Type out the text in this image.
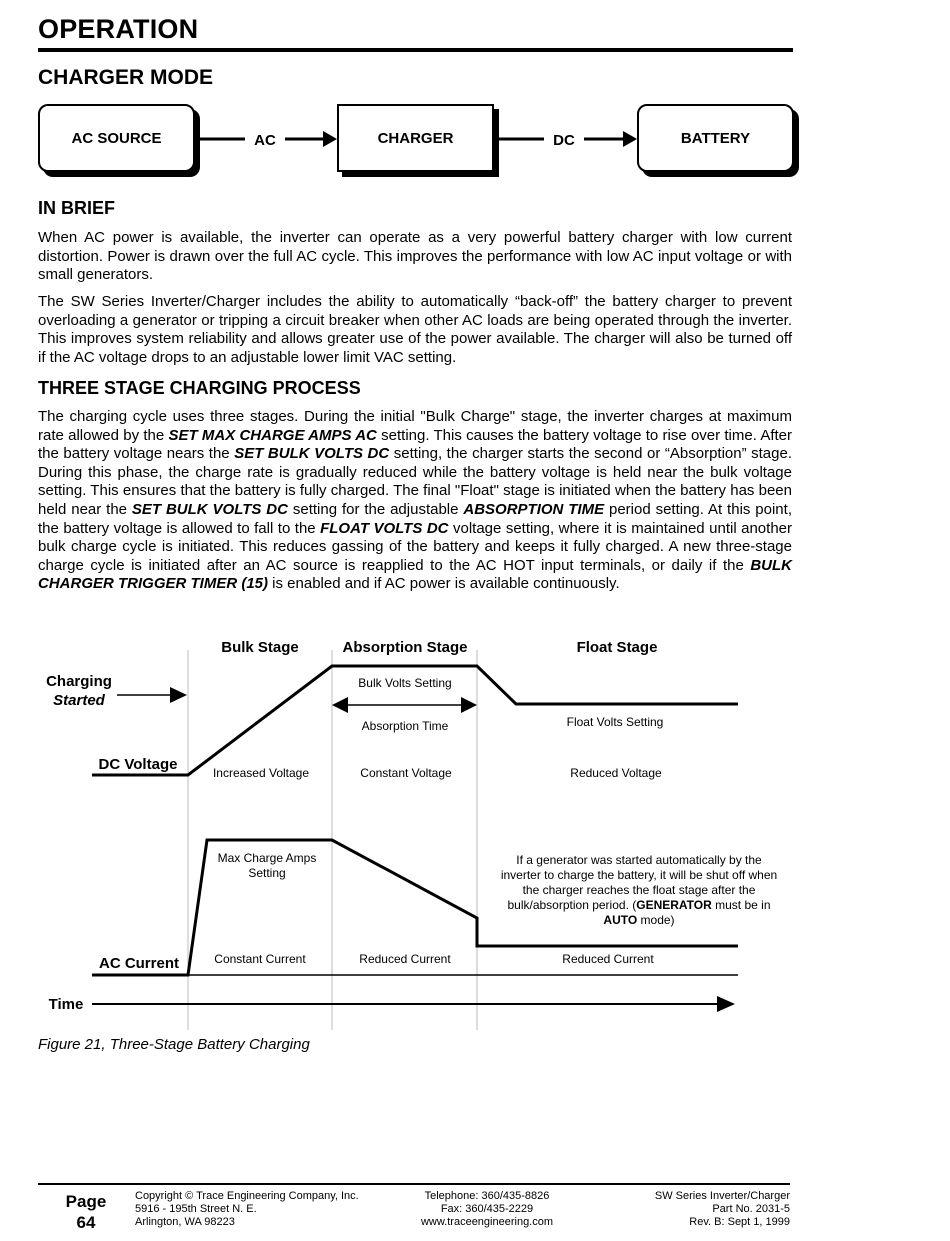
OPERATION
CHARGER MODE
AC SOURCE	CHARGER	BATTERY
AC	DC
IN BRIEF

When AC power is available, the inverter can operate as a very powerful battery charger with low current distortion. Power is drawn over the full AC cycle. This improves the performance with low AC input voltage or with small generators.

The SW Series Inverter/Charger includes the ability to automatically “back-off” the battery charger to prevent overloading a generator or tripping a circuit breaker when other AC loads are being operated through the inverter. This improves system reliability and allows greater use of the power available. The charger will also be turned off if the AC voltage drops to an adjustable lower limit VAC setting.

THREE STAGE CHARGING PROCESS

The charging cycle uses three stages. During the initial "Bulk Charge" stage, the inverter charges at maximum rate allowed by the SET MAX CHARGE AMPS AC setting. This causes the battery voltage to rise over time. After the battery voltage nears the SET BULK VOLTS DC setting, the charger starts the second or “Absorption” stage. During this phase, the charge rate is gradually reduced while the battery voltage is held near the bulk voltage setting. This ensures that the battery is fully charged. The final "Float" stage is initiated when the battery has been held near the SET BULK VOLTS DC setting for the adjustable ABSORPTION TIME period setting. At this point, the battery voltage is allowed to fall to the FLOAT VOLTS DC voltage setting, where it is maintained until another bulk charge cycle is initiated. This reduces gassing of the battery and keeps it fully charged. A new three-stage charge cycle is initiated after an AC source is reapplied to the AC HOT input terminals, or daily if the BULK CHARGER TRIGGER TIMER (15) is enabled and if AC power is available continuously.

Bulk Stage	Absorption Stage	Float Stage
Charging
Started
DC Voltage
Bulk Volts Setting
Absorption Time	Float Volts Setting
Increased Voltage	Constant Voltage	Reduced Voltage
AC Current
Max Charge Amps
Setting
Constant Current	Reduced Current	Reduced Current
If a generator was started automatically by the
inverter to charge the battery, it will be shut off when
the charger reaches the float stage after the
bulk/absorption period. (GENERATOR must be in
AUTO mode)
Time
Figure 21, Three-Stage Battery Charging
Page
64
Copyright © Trace Engineering Company, Inc.
5916 - 195th Street N. E.
Arlington, WA 98223
Telephone: 360/435-8826
Fax: 360/435-2229
www.traceengineering.com
SW Series Inverter/Charger
Part No. 2031-5
Rev. B: Sept 1, 1999
